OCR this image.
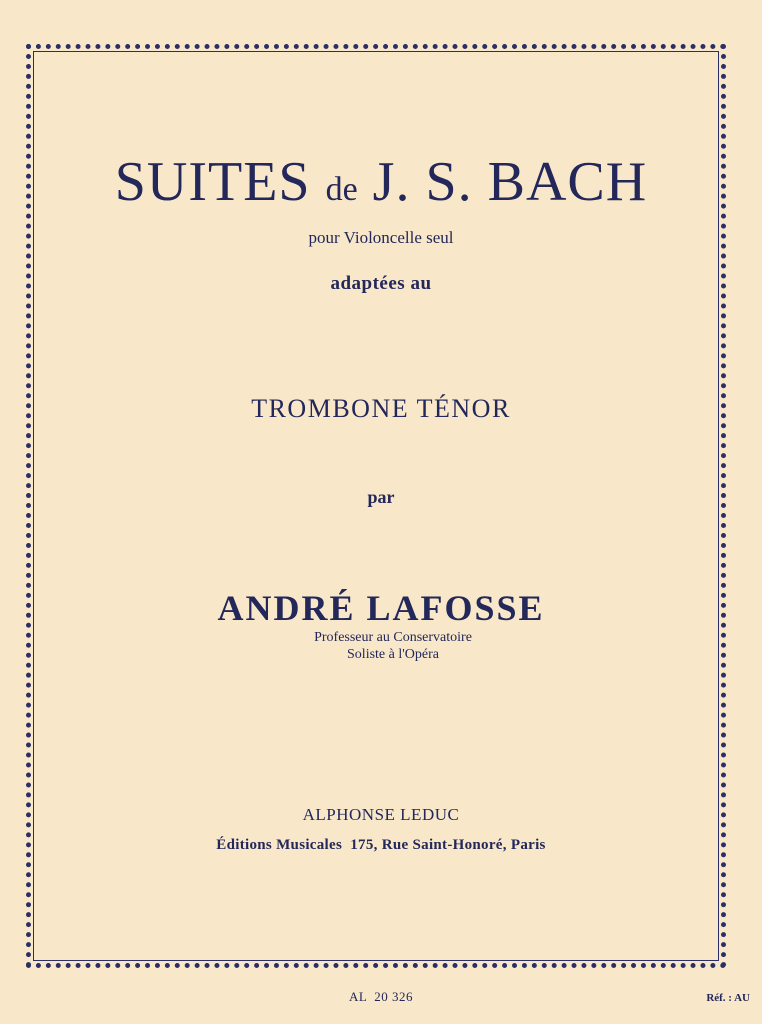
SUITES de J. S. BACH
pour Violoncelle seul
adaptées au
TROMBONE TÉNOR
par
ANDRÉ LAFOSSE
Professeur au Conservatoire
Soliste à l'Opéra
ALPHONSE LEDUC
Éditions Musicales  175, Rue Saint-Honoré, Paris
AL  20 326	Réf. : AU
